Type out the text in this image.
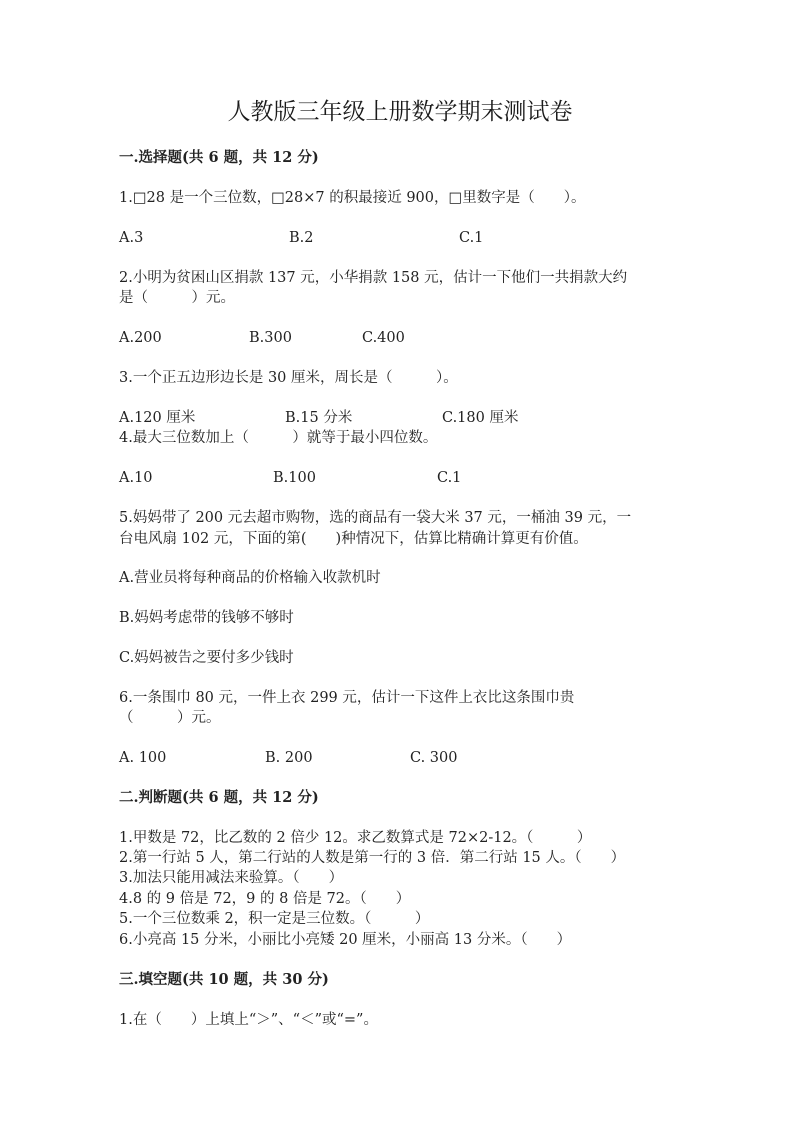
人教版三年级上册数学期末测试卷
一.选择题(共 6 题，共 12 分)
1.□28 是一个三位数，□28×7 的积最接近 900，□里数字是（　　）。
A.3	B.2	C.1
2.小明为贫困山区捐款 137 元，小华捐款 158 元，估计一下他们一共捐款大约
是（　　　）元。
A.200	B.300	C.400
3.一个正五边形边长是 30 厘米，周长是（　　　）。
A.120 厘米	B.15 分米	C.180 厘米
4.最大三位数加上（　　　）就等于最小四位数。
A.10	B.100	C.1
5.妈妈带了 200 元去超市购物，选的商品有一袋大米 37 元，一桶油 39 元，一
台电风扇 102 元，下面的第(　　)种情况下，估算比精确计算更有价值。
A.营业员将每种商品的价格输入收款机时
B.妈妈考虑带的钱够不够时
C.妈妈被告之要付多少钱时
6.一条围巾 80 元，一件上衣 299 元，估计一下这件上衣比这条围巾贵
（　　　）元。
A. 100	B. 200	C. 300
二.判断题(共 6 题，共 12 分)
1.甲数是 72，比乙数的 2 倍少 12。求乙数算式是 72×2-12。（　　　）
2.第一行站 5 人，第二行站的人数是第一行的 3 倍．第二行站 15 人。（　　）
3.加法只能用减法来验算。（　　）
4.8 的 9 倍是 72，9 的 8 倍是 72。（　　）
5.一个三位数乘 2，积一定是三位数。（　　　）
6.小亮高 15 分米，小丽比小亮矮 20 厘米，小丽高 13 分米。（　　）
三.填空题(共 10 题，共 30 分)
1.在（　　）上填上“＞”、“＜”或“=”。
